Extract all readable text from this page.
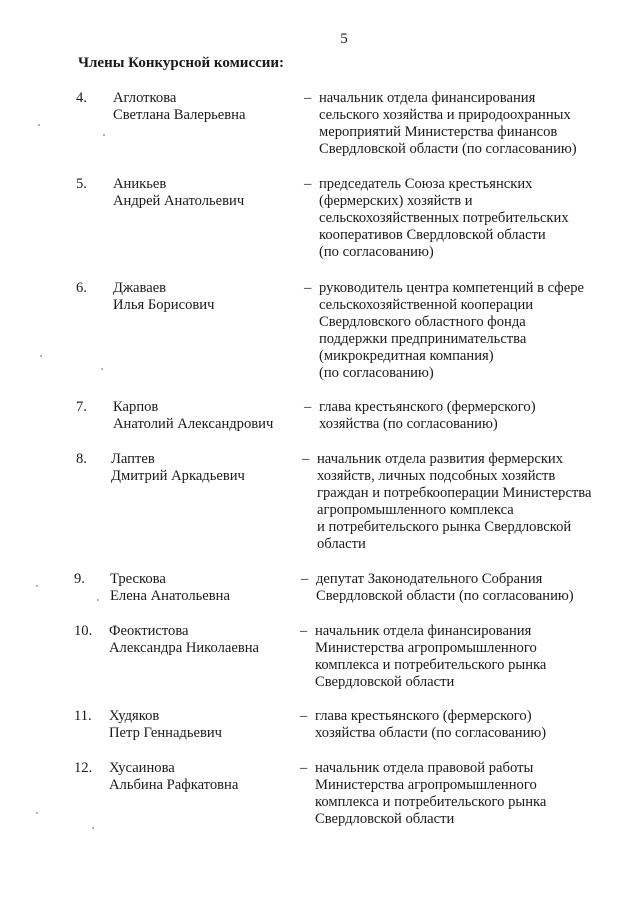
5
Члены Конкурсной комиссии:
4.	Аглоткова
Светлана Валерьевна
– начальник отдела финансирования
сельского хозяйства и природоохранных
мероприятий Министерства финансов
Свердловской области (по согласованию)
5.	Аникьев
Андрей Анатольевич
– председатель Союза крестьянских
(фермерских) хозяйств и
сельскохозяйственных потребительских
кооперативов Свердловской области
(по согласованию)
6.	Джаваев
Илья Борисович
– руководитель центра компетенций в сфере
сельскохозяйственной кооперации
Свердловского областного фонда
поддержки предпринимательства
(микрокредитная компания)
(по согласованию)
7.	Карпов
Анатолий Александрович
– глава крестьянского (фермерского)
хозяйства (по согласованию)
8.	Лаптев
Дмитрий Аркадьевич
– начальник отдела развития фермерских
хозяйств, личных подсобных хозяйств
граждан и потребкооперации Министерства
агропромышленного комплекса
и потребительского рынка Свердловской
области
9.	Трескова
Елена Анатольевна
– депутат Законодательного Собрания
Свердловской области (по согласованию)
10.	Феоктистова
Александра Николаевна
– начальник отдела финансирования
Министерства агропромышленного
комплекса и потребительского рынка
Свердловской области
11.	Худяков
Петр Геннадьевич
– глава крестьянского (фермерского)
хозяйства области (по согласованию)
12.	Хусаинова
Альбина Рафкатовна
– начальник отдела правовой работы
Министерства агропромышленного
комплекса и потребительского рынка
Свердловской области
